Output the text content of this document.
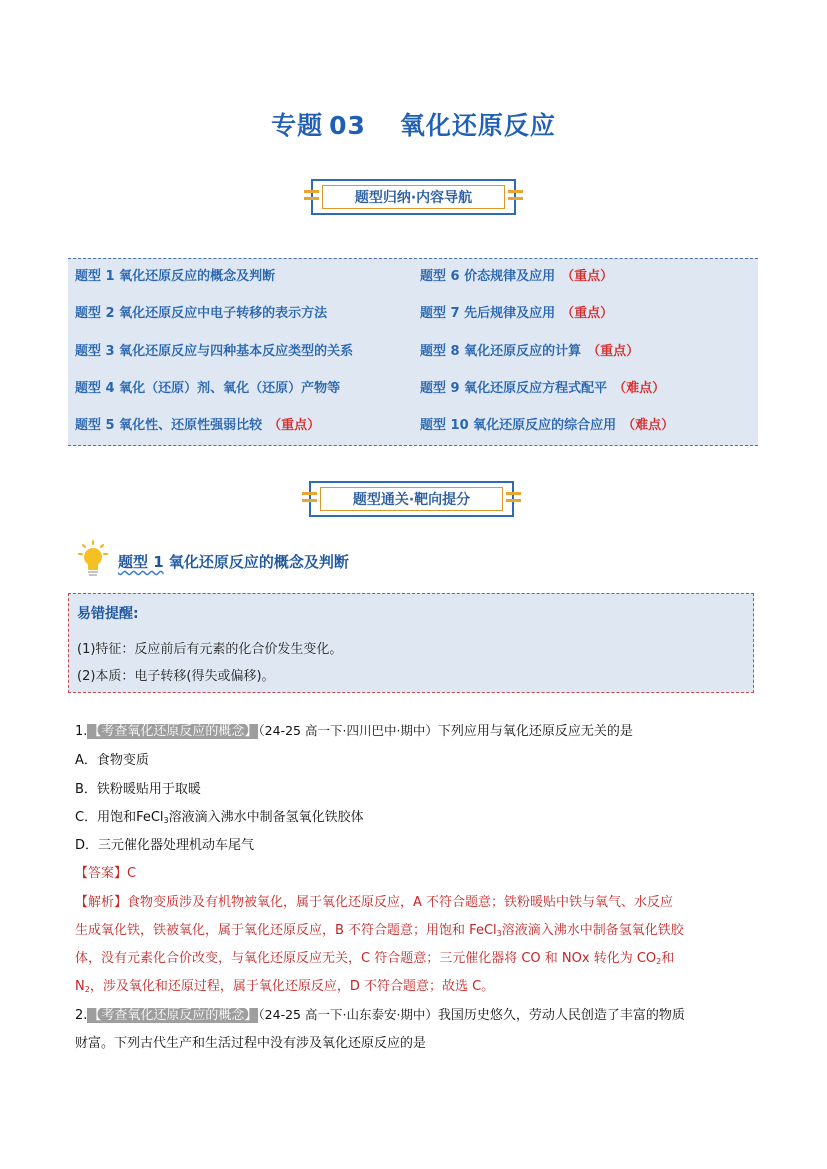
专题 03 氧化还原反应
题型归纳·内容导航
题型 1 氧化还原反应的概念及判断	题型 6 价态规律及应用 （重点）
题型 2 氧化还原反应中电子转移的表示方法	题型 7 先后规律及应用 （重点）
题型 3 氧化还原反应与四种基本反应类型的关系	题型 8 氧化还原反应的计算 （重点）
题型 4 氧化（还原）剂、氧化（还原）产物等	题型 9 氧化还原反应方程式配平 （难点）
题型 5 氧化性、还原性强弱比较 （重点）	题型 10 氧化还原反应的综合应用 （难点）
题型通关·靶向提分
题型 1 氧化还原反应的概念及判断
易错提醒:
(1)特征：反应前后有元素的化合价发生变化。
(2)本质：电子转移(得失或偏移)。
1.【考查氧化还原反应的概念】（24-25 高一下·四川巴中·期中）下列应用与氧化还原反应无关的是
A．食物变质
B．铁粉暖贴用于取暖
C．用饱和FeCl$_3$溶液滴入沸水中制备氢氧化铁胶体
D．三元催化器处理机动车尾气
【答案】C
【解析】食物变质涉及有机物被氧化，属于氧化还原反应，A 不符合题意；铁粉暖贴中铁与氧气、水反应
生成氧化铁，铁被氧化，属于氧化还原反应，B 不符合题意；用饱和 FeCl$_3$溶液滴入沸水中制备氢氧化铁胶
体，没有元素化合价改变，与氧化还原反应无关，C 符合题意；三元催化器将 CO 和 NOx 转化为 $CO_2$和
$N_2$，涉及氧化和还原过程，属于氧化还原反应，D 不符合题意；故选 C。
2.【考查氧化还原反应的概念】（24-25 高一下·山东泰安·期中）我国历史悠久，劳动人民创造了丰富的物质
财富。下列古代生产和生活过程中没有涉及氧化还原反应的是
